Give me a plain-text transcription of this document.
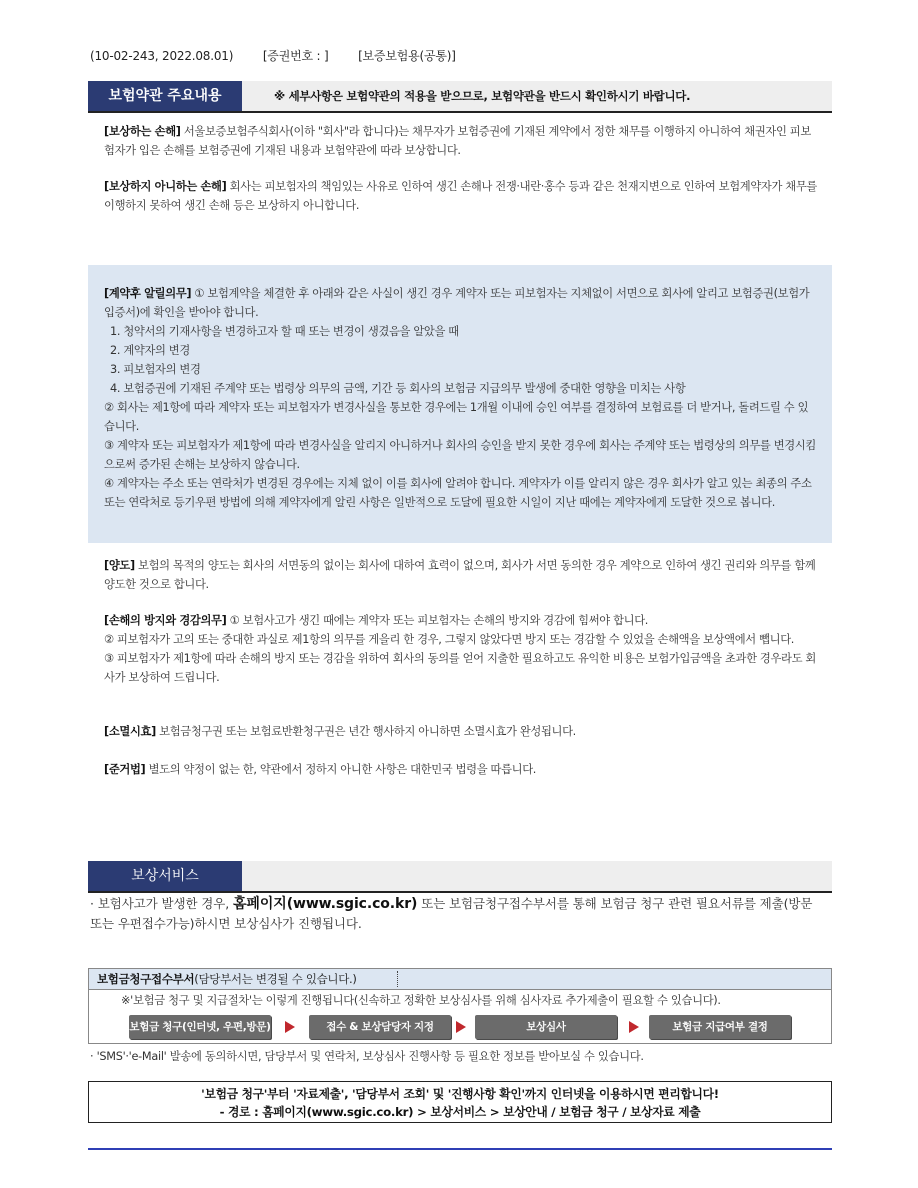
(10-02-243, 2022.08.01) [증권번호 : ] [보증보험용(공통)]
보험약관 주요내용	※ 세부사항은 보험약관의 적용을 받으므로, 보험약관을 반드시 확인하시기 바랍니다.
[보상하는 손해] 서울보증보험주식회사(이하 "회사"라 합니다)는 채무자가 보험증권에 기재된 계약에서 정한 채무를 이행하지 아니하여 채권자인 피보험자가 입은 손해를 보험증권에 기재된 내용과 보험약관에 따라 보상합니다.
[보상하지 아니하는 손해] 회사는 피보험자의 책임있는 사유로 인하여 생긴 손해나 전쟁·내란·홍수 등과 같은 천재지변으로 인하여 보험계약자가 채무를 이행하지 못하여 생긴 손해 등은 보상하지 아니합니다.
[계약후 알릴의무] ① 보험계약을 체결한 후 아래와 같은 사실이 생긴 경우 계약자 또는 피보험자는 지체없이 서면으로 회사에 알리고 보험증권(보험가입증서)에 확인을 받아야 합니다.
1. 청약서의 기재사항을 변경하고자 할 때 또는 변경이 생겼음을 알았을 때
2. 계약자의 변경
3. 피보험자의 변경
4. 보험증권에 기재된 주계약 또는 법령상 의무의 금액, 기간 등 회사의 보험금 지급의무 발생에 중대한 영향을 미치는 사항
② 회사는 제1항에 따라 계약자 또는 피보험자가 변경사실을 통보한 경우에는 1개월 이내에 승인 여부를 결정하여 보험료를 더 받거나, 돌려드릴 수 있습니다.
③ 계약자 또는 피보험자가 제1항에 따라 변경사실을 알리지 아니하거나 회사의 승인을 받지 못한 경우에 회사는 주계약 또는 법령상의 의무를 변경시킴으로써 증가된 손해는 보상하지 않습니다.
④ 계약자는 주소 또는 연락처가 변경된 경우에는 지체 없이 이를 회사에 알려야 합니다. 계약자가 이를 알리지 않은 경우 회사가 알고 있는 최종의 주소 또는 연락처로 등기우편 방법에 의해 계약자에게 알린 사항은 일반적으로 도달에 필요한 시일이 지난 때에는 계약자에게 도달한 것으로 봅니다.
[양도] 보험의 목적의 양도는 회사의 서면동의 없이는 회사에 대하여 효력이 없으며, 회사가 서면 동의한 경우 계약으로 인하여 생긴 권리와 의무를 함께 양도한 것으로 합니다.
[손해의 방지와 경감의무] ① 보험사고가 생긴 때에는 계약자 또는 피보험자는 손해의 방지와 경감에 힘써야 합니다.
② 피보험자가 고의 또는 중대한 과실로 제1항의 의무를 게을리 한 경우, 그렇지 않았다면 방지 또는 경감할 수 있었을 손해액을 보상액에서 뺍니다.
③ 피보험자가 제1항에 따라 손해의 방지 또는 경감을 위하여 회사의 동의를 얻어 지출한 필요하고도 유익한 비용은 보험가입금액을 초과한 경우라도 회사가 보상하여 드립니다.
[소멸시효] 보험금청구권 또는 보험료반환청구권은 년간 행사하지 아니하면 소멸시효가 완성됩니다.
[준거법] 별도의 약정이 없는 한, 약관에서 정하지 아니한 사항은 대한민국 법령을 따릅니다.
보상서비스
· 보험사고가 발생한 경우, 홈페이지(www.sgic.co.kr) 또는 보험금청구접수부서를 통해 보험금 청구 관련 필요서류를 제출(방문 또는 우편접수가능)하시면 보상심사가 진행됩니다.
보험금청구접수부서(담당부서는 변경될 수 있습니다.)
※'보험금 청구 및 지급절차'는 이렇게 진행됩니다(신속하고 정확한 보상심사를 위해 심사자료 추가제출이 필요할 수 있습니다).
보험금 청구(인터넷, 우편,방문)	접수 & 보상담당자 지정	보상심사	보험금 지급여부 결정
· 'SMS'·'e-Mail' 발송에 동의하시면, 담당부서 및 연락처, 보상심사 진행사항 등 필요한 정보를 받아보실 수 있습니다.
'보험금 청구'부터 '자료제출', '담당부서 조회' 및 '진행사항 확인'까지 인터넷을 이용하시면 편리합니다!
- 경로 : 홈페이지(www.sgic.co.kr) > 보상서비스 > 보상안내 / 보험금 청구 / 보상자료 제출
